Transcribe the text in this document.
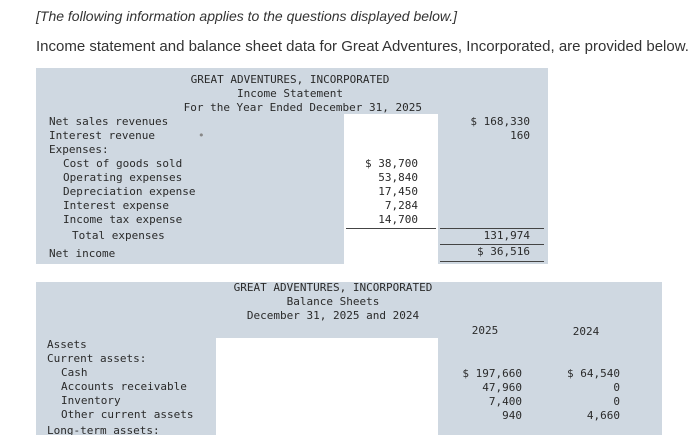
[The following information applies to the questions displayed below.]
Income statement and balance sheet data for Great Adventures, Incorporated, are provided below.
GREAT ADVENTURES, INCORPORATED
Income Statement
For the Year Ended December 31, 2025
Net sales revenues	$ 168,330
Interest revenue	•	160
Expenses:
Cost of goods sold	$ 38,700
Operating expenses	53,840
Depreciation expense	17,450
Interest expense	7,284
Income tax expense	14,700
Total expenses	131,974
Net income	$ 36,516
GREAT ADVENTURES, INCORPORATED
Balance Sheets
December 31, 2025 and 2024
2025	2024
Assets
Current assets:
Cash	$ 197,660	$ 64,540
Accounts receivable	47,960	0
Inventory	7,400	0
Other current assets	940	4,660
Long-term assets:
